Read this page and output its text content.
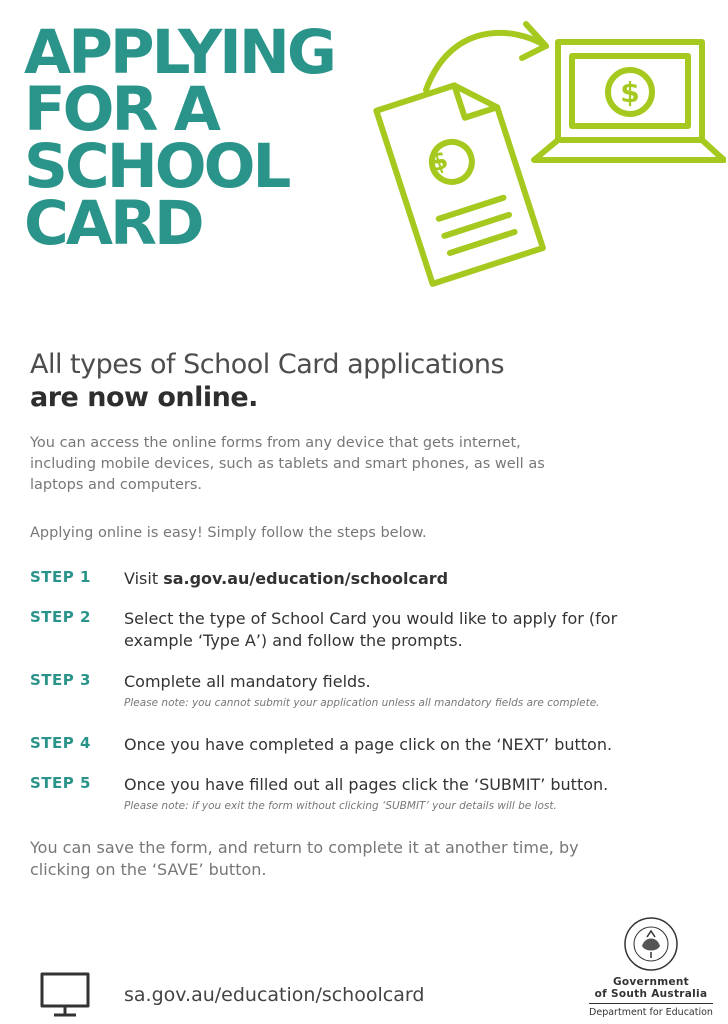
APPLYING
FOR A
SCHOOL
CARD
$
$
All types of School Card applications
are now online.

You can access the online forms from any device that gets internet, including mobile devices, such as tablets and smart phones, as well as laptops and computers.

Applying online is easy! Simply follow the steps below.

STEP 1 Visit sa.gov.au/education/schoolcard
STEP 2 Select the type of School Card you would like to apply for (for example ‘Type A’) and follow the prompts.
STEP 3 Complete all mandatory fields.
Please note: you cannot submit your application unless all mandatory fields are complete.
STEP 4 Once you have completed a page click on the ‘NEXT’ button.
STEP 5 Once you have filled out all pages click the ‘SUBMIT’ button.
Please note: if you exit the form without clicking ‘SUBMIT’ your details will be lost.

You can save the form, and return to complete it at another time, by clicking on the ‘SAVE’ button.

sa.gov.au/education/schoolcard
Government
of South Australia
Department for Education
